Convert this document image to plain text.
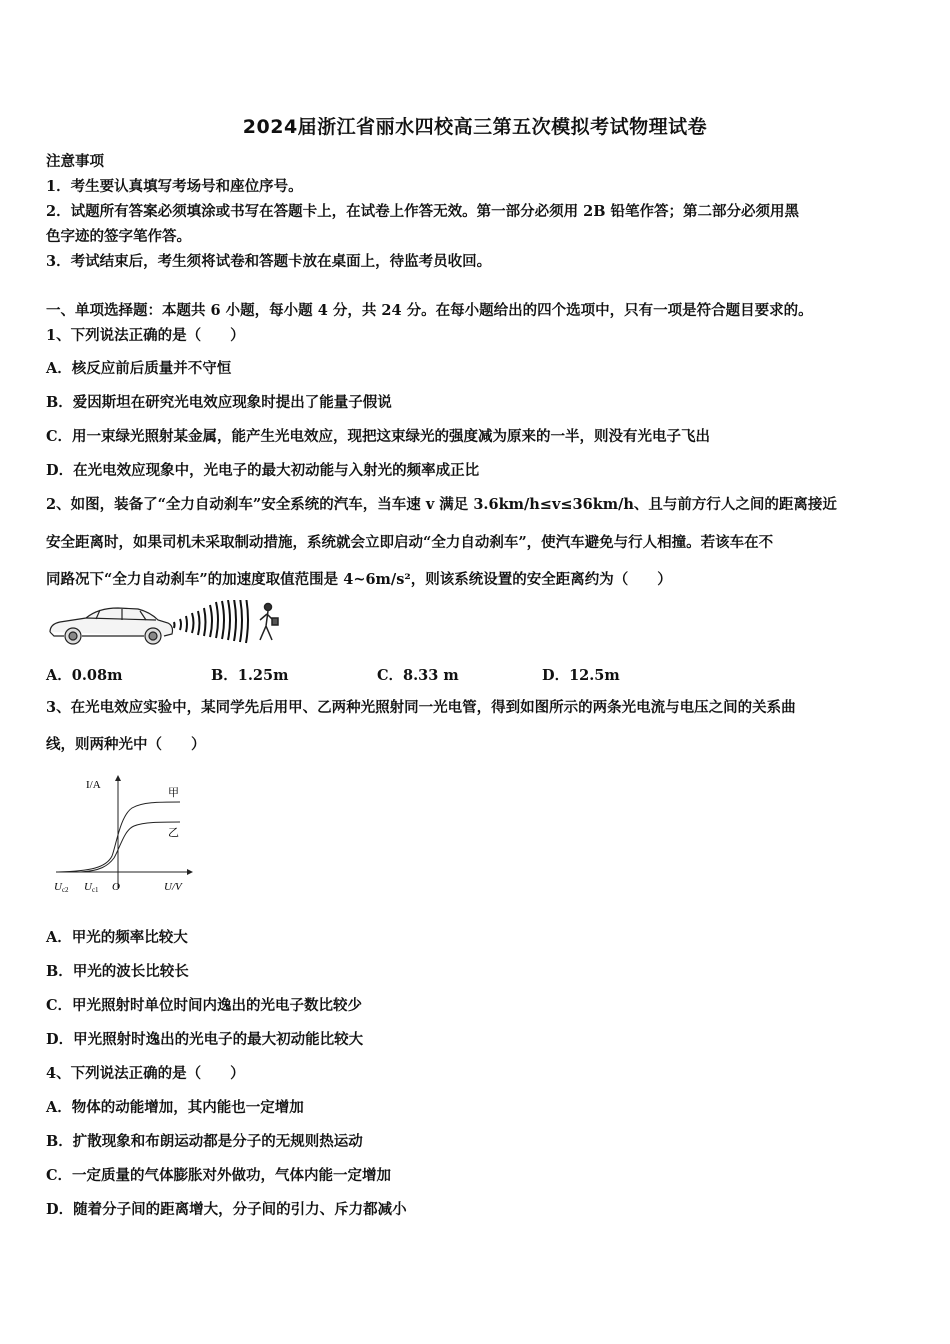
2024届浙江省丽水四校高三第五次模拟考试物理试卷
注意事项
1．考生要认真填写考场号和座位序号。
2．试题所有答案必须填涂或书写在答题卡上，在试卷上作答无效。第一部分必须用 2B 铅笔作答；第二部分必须用黑
色字迹的签字笔作答。
3．考试结束后，考生须将试卷和答题卡放在桌面上，待监考员收回。
一、单项选择题：本题共 6 小题，每小题 4 分，共 24 分。在每小题给出的四个选项中，只有一项是符合题目要求的。
1、下列说法正确的是（　　）
A．核反应前后质量并不守恒
B．爱因斯坦在研究光电效应现象时提出了能量子假说
C．用一束绿光照射某金属，能产生光电效应，现把这束绿光的强度减为原来的一半，则没有光电子飞出
D．在光电效应现象中，光电子的最大初动能与入射光的频率成正比
2、如图，装备了“全力自动刹车”安全系统的汽车，当车速 v 满足 3.6km/h≤v≤36km/h、且与前方行人之间的距离接近
安全距离时，如果司机未采取制动措施，系统就会立即启动“全力自动刹车”，使汽车避免与行人相撞。若该车在不
同路况下“全力自动刹车”的加速度取值范围是 4~6m/s²，则该系统设置的安全距离约为（　　）
A．0.08m	B．1.25m	C．8.33 m	D．12.5m
3、在光电效应实验中，某同学先后用甲、乙两种光照射同一光电管，得到如图所示的两条光电流与电压之间的关系曲
线，则两种光中（　　）
I/A
甲
乙
Uc2 Uc1 O	U/V
A．甲光的频率比较大
B．甲光的波长比较长
C．甲光照射时单位时间内逸出的光电子数比较少
D．甲光照射时逸出的光电子的最大初动能比较大
4、下列说法正确的是（　　）
A．物体的动能增加，其内能也一定增加
B．扩散现象和布朗运动都是分子的无规则热运动
C．一定质量的气体膨胀对外做功，气体内能一定增加
D．随着分子间的距离增大，分子间的引力、斥力都减小
